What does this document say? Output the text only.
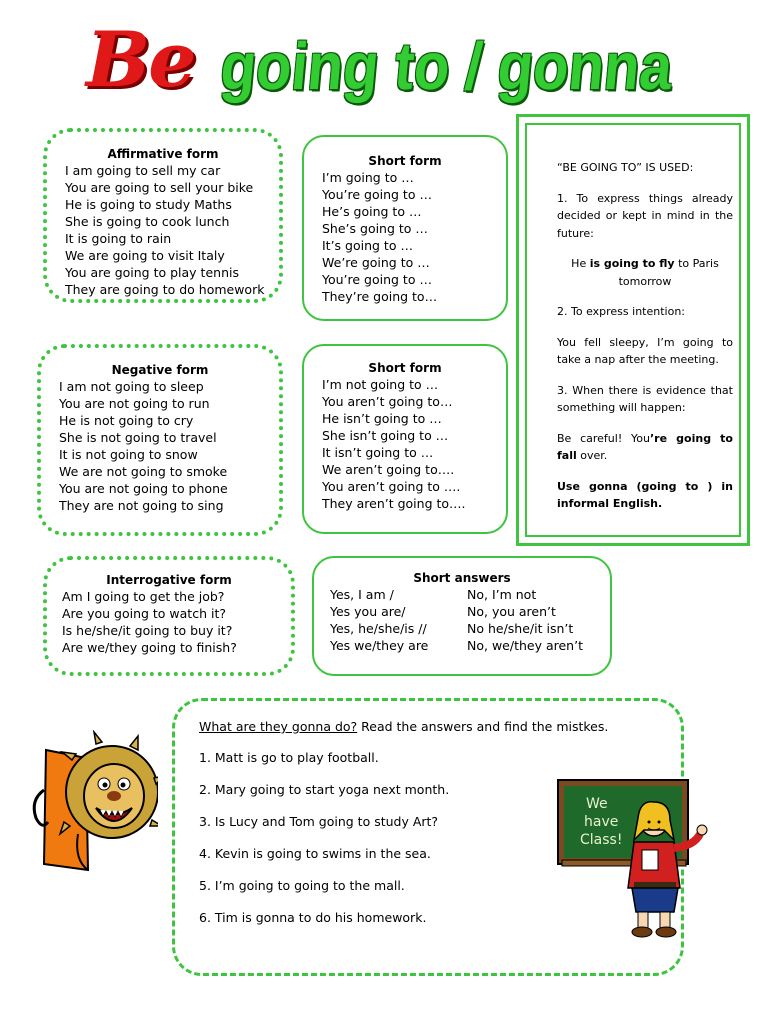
Be going to / gonna
Affirmative form
I am going to sell my car
You are going to sell your bike
He is going to study Maths
She is going to cook lunch
It is going to rain
We are going to visit Italy
You are going to play tennis
They are going to do homework
Short form
I’m going to …
You’re going to …
He’s going to …
She’s going to …
It’s going to …
We’re going to …
You’re going to …
They’re going to…

“BE GOING TO” IS USED:

1. To express things already decided or kept in mind in the future:

He is going to fly to Paris tomorrow

2. To express intention:

You fell sleepy, I’m going to take a nap after the meeting.

3. When there is evidence that something will happen:

Be careful! You’re going to fall over.

Use gonna (going to ) in informal English.

Negative form
I am not going to sleep
You are not going to run
He is not going to cry
She is not going to travel
It is not going to snow
We are not going to smoke
You are not going to phone
They are not going to sing
Short form
I’m not going to …
You aren’t going to…
He isn’t going to …
She isn’t going to …
It isn’t going to …
We aren’t going to….
You aren’t going to ….
They aren’t going to….
Interrogative form
Am I going to get the job?
Are you going to watch it?
Is he/she/it going to buy it?
Are we/they going to finish?
Short answers
Yes, I am /	No, I’m not
Yes you are/	No, you aren’t
Yes, he/she/is //	No he/she/it isn’t
Yes we/they are	No, we/they aren’t

What are they gonna do? Read the answers and find the mistkes.

1. Matt is go to play football.

2. Mary going to start yoga next month.

3. Is Lucy and Tom going to study Art?

4. Kevin is going to swims in the sea.

5. I’m going to going to the mall.

6. Tim is gonna to do his homework.

We
have
Class!
